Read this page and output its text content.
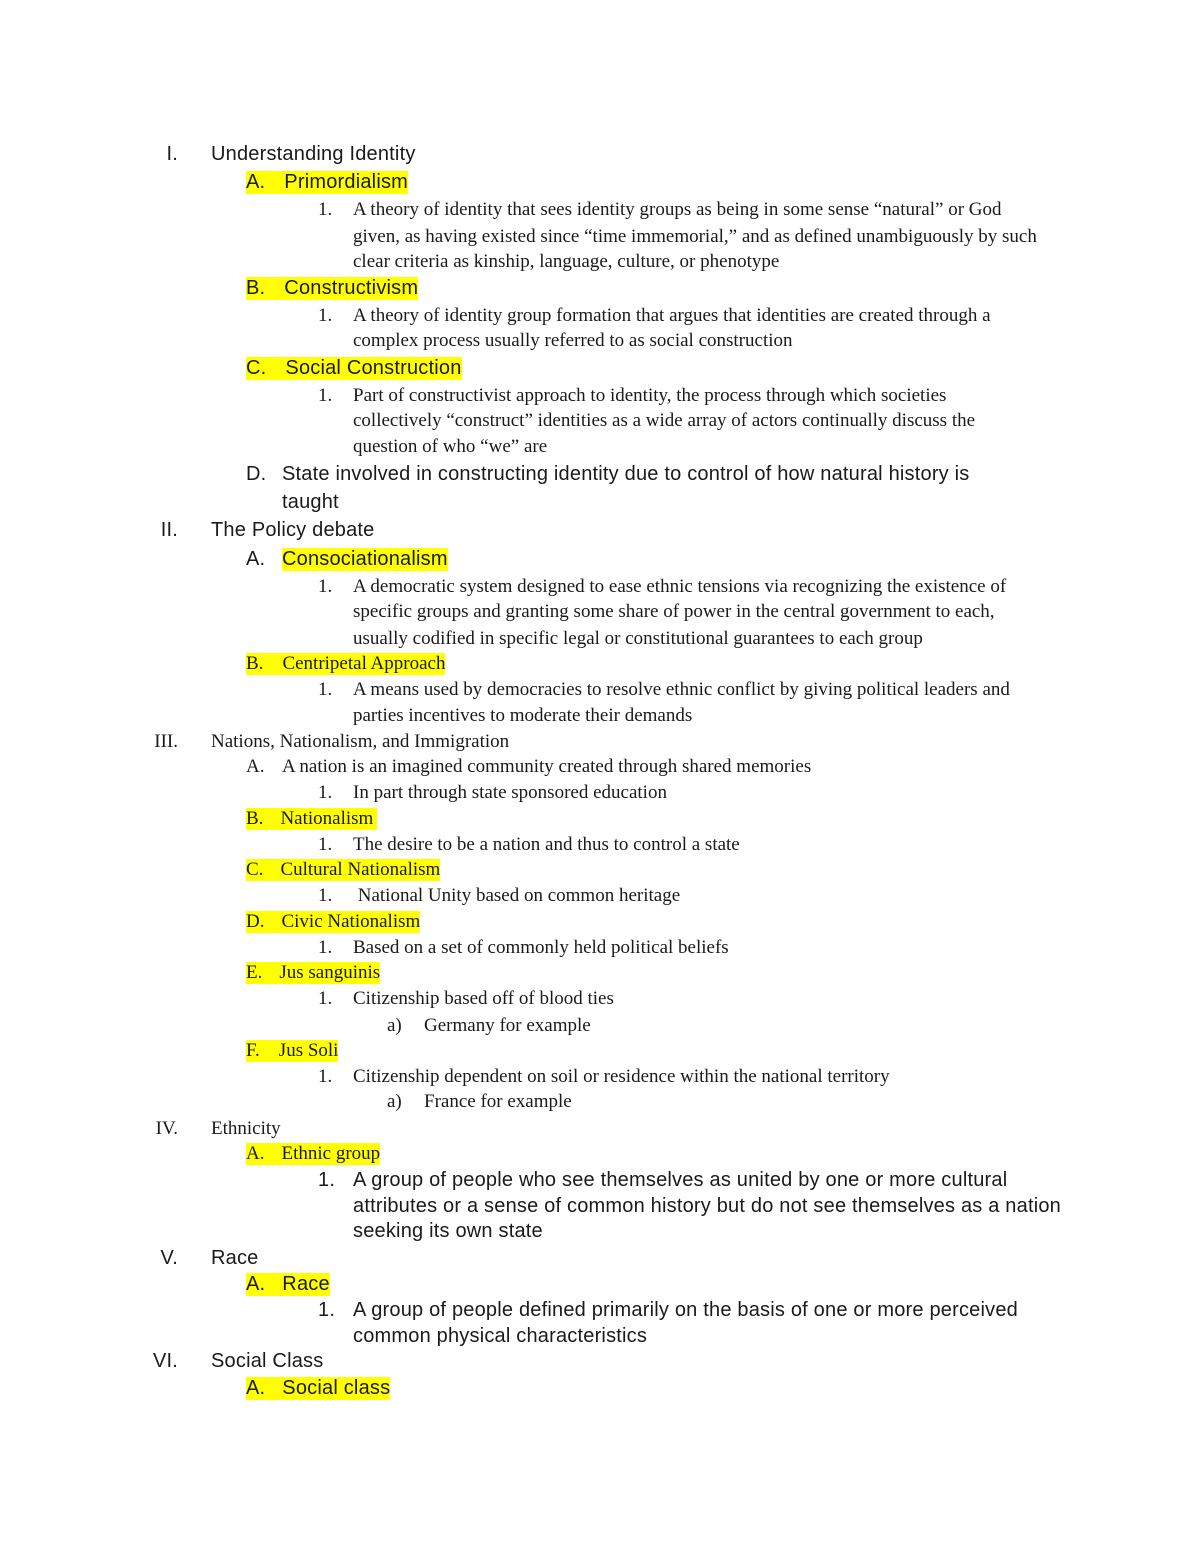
I. Understanding Identity
A. Primordialism
1. A theory of identity that sees identity groups as being in some sense “natural” or God
given, as having existed since “time immemorial,” and as defined unambiguously by such
clear criteria as kinship, language, culture, or phenotype
B. Constructivism
1. A theory of identity group formation that argues that identities are created through a
complex process usually referred to as social construction
C. Social Construction
1. Part of constructivist approach to identity, the process through which societies
collectively “construct” identities as a wide array of actors continually discuss the
question of who “we” are
D. State involved in constructing identity due to control of how natural history is
taught
II. The Policy debate
A. Consociationalism
1. A democratic system designed to ease ethnic tensions via recognizing the existence of
specific groups and granting some share of power in the central government to each,
usually codified in specific legal or constitutional guarantees to each group
B. Centripetal Approach
1. A means used by democracies to resolve ethnic conflict by giving political leaders and
parties incentives to moderate their demands
III. Nations, Nationalism, and Immigration
A. A nation is an imagined community created through shared memories
1. In part through state sponsored education
B. Nationalism
1. The desire to be a nation and thus to control a state
C. Cultural Nationalism
1. National Unity based on common heritage
D. Civic Nationalism
1. Based on a set of commonly held political beliefs
E. Jus sanguinis
1. Citizenship based off of blood ties
a) Germany for example
F. Jus Soli
1. Citizenship dependent on soil or residence within the national territory
a) France for example
IV. Ethnicity
A. Ethnic group
1. A group of people who see themselves as united by one or more cultural
attributes or a sense of common history but do not see themselves as a nation
seeking its own state
V. Race
A. Race
1. A group of people defined primarily on the basis of one or more perceived
common physical characteristics
VI. Social Class
A. Social class
